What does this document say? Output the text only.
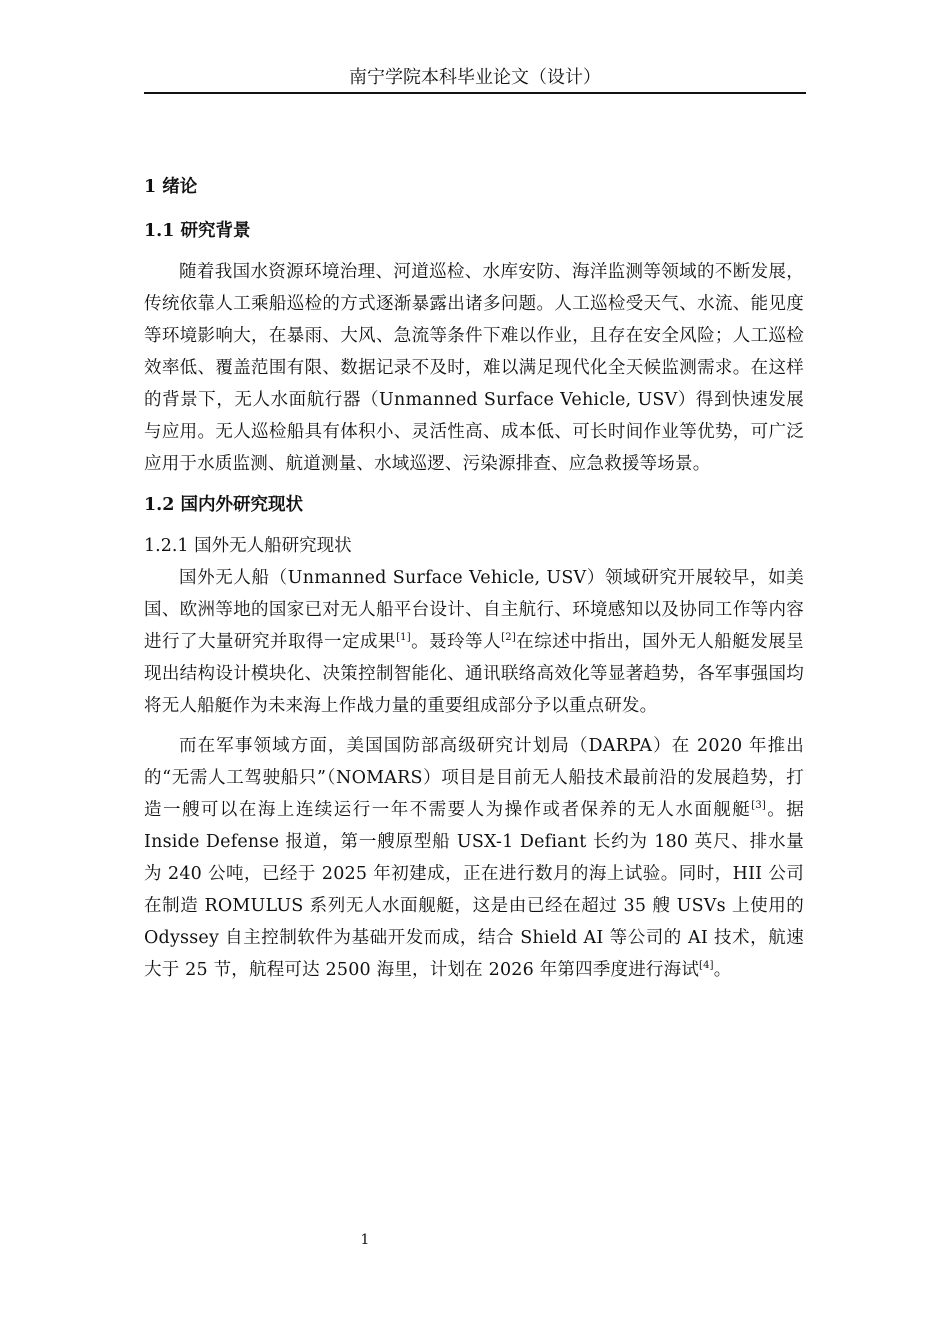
南宁学院本科毕业论文（设计）
1 绪论
1.1 研究背景

随着我国水资源环境治理、河道巡检、水库安防、海洋监测等领域的不断发展，传统依靠人工乘船巡检的方式逐渐暴露出诸多问题。人工巡检受天气、水流、能见度等环境影响大，在暴雨、大风、急流等条件下难以作业，且存在安全风险；人工巡检效率低、覆盖范围有限、数据记录不及时，难以满足现代化全天候监测需求。在这样的背景下，无人水面航行器（Unmanned Surface Vehicle, USV）得到快速发展与应用。无人巡检船具有体积小、灵活性高、成本低、可长时间作业等优势，可广泛应用于水质监测、航道测量、水域巡逻、污染源排查、应急救援等场景。

1.2 国内外研究现状
1.2.1 国外无人船研究现状

国外无人船（Unmanned Surface Vehicle, USV）领域研究开展较早，如美国、欧洲等地的国家已对无人船平台设计、自主航行、环境感知以及协同工作等内容进行了大量研究并取得一定成果[1]。聂玲等人[2]在综述中指出，国外无人船艇发展呈现出结构设计模块化、决策控制智能化、通讯联络高效化等显著趋势，各军事强国均将无人船艇作为未来海上作战力量的重要组成部分予以重点研发。

而在军事领域方面，美国国防部高级研究计划局（DARPA）在 2020 年推出的“无需人工驾驶船只”（NOMARS）项目是目前无人船技术最前沿的发展趋势，打造一艘可以在海上连续运行一年不需要人为操作或者保养的无人水面舰艇[3]。据 Inside Defense 报道，第一艘原型船 USX-1 Defiant 长约为 180 英尺、排水量为 240 公吨，已经于 2025 年初建成，正在进行数月的海上试验。同时，HII 公司在制造 ROMULUS 系列无人水面舰艇，这是由已经在超过 35 艘 USVs 上使用的 Odyssey 自主控制软件为基础开发而成，结合 Shield AI 等公司的 AI 技术，航速大于 25 节，航程可达 2500 海里，计划在 2026 年第四季度进行海试[4]。

1
